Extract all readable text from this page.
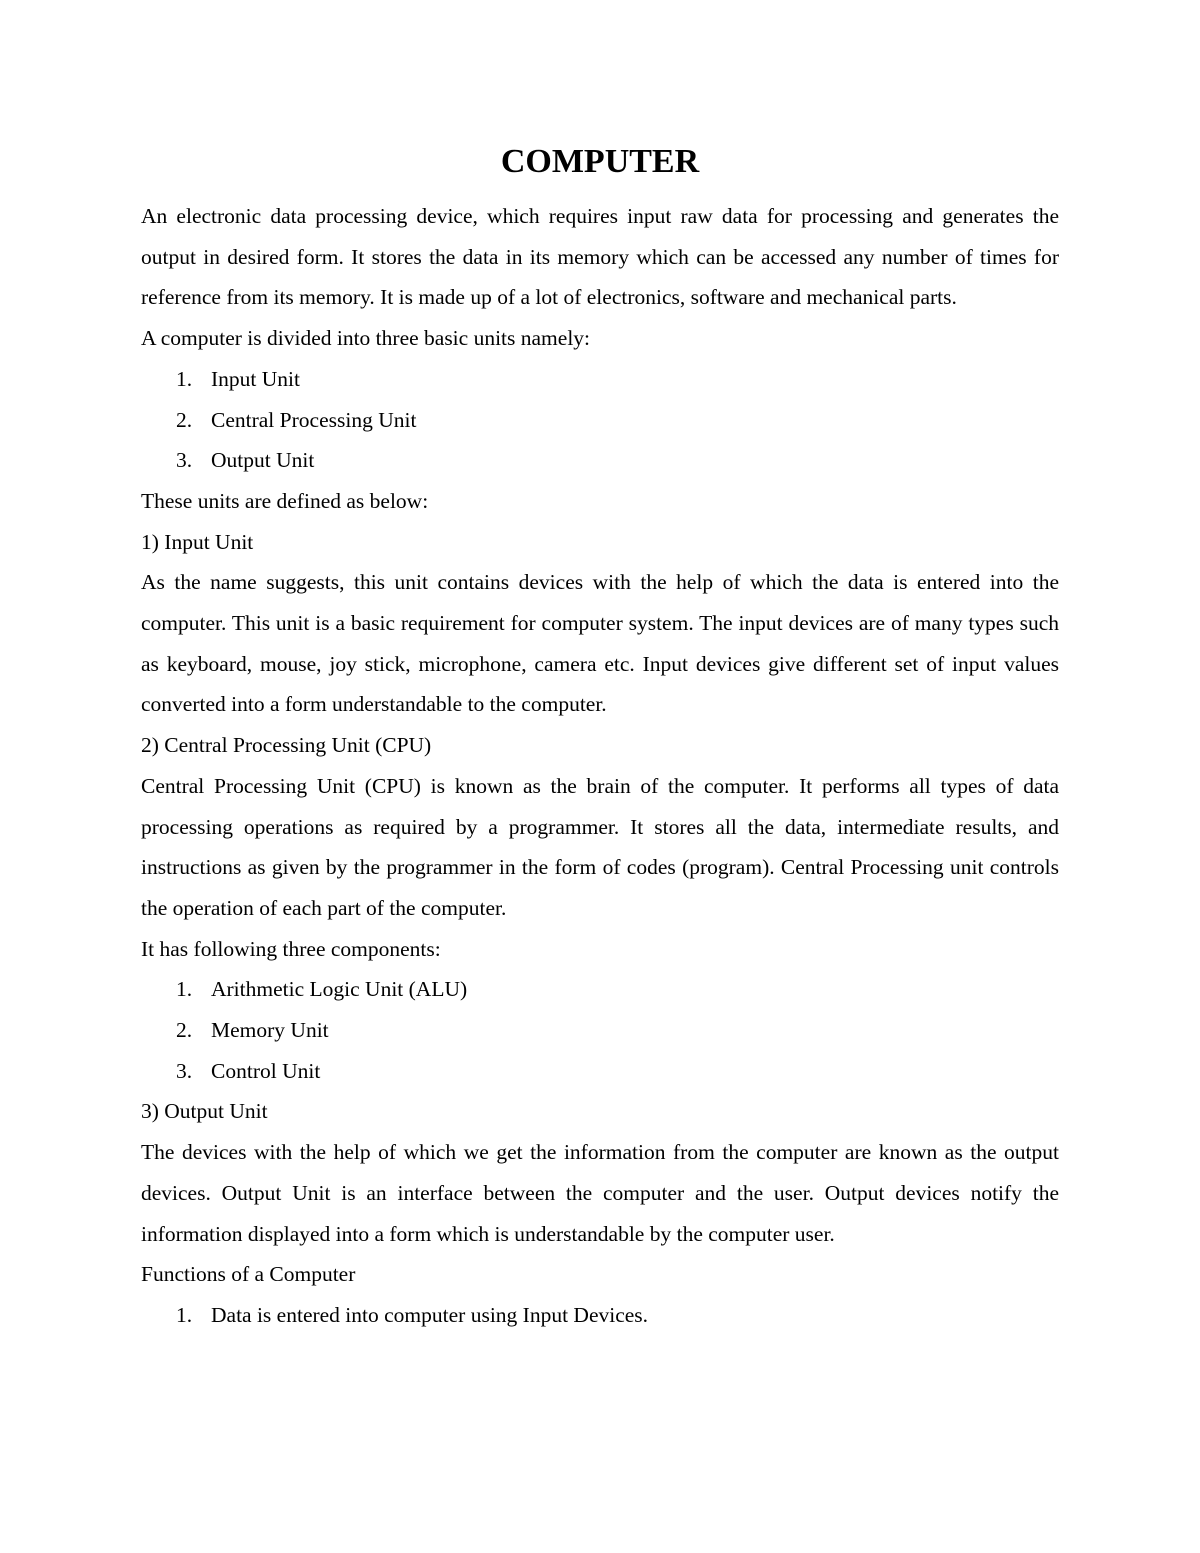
COMPUTER

An electronic data processing device, which requires input raw data for processing and generates the output in desired form. It stores the data in its memory which can be accessed any number of times for reference from its memory. It is made up of a lot of electronics, software and mechanical parts.

A computer is divided into three basic units namely:

1. Input Unit
2. Central Processing Unit
3. Output Unit

These units are defined as below:

1) Input Unit

As the name suggests, this unit contains devices with the help of which the data is entered into the computer. This unit is a basic requirement for computer system. The input devices are of many types such as keyboard, mouse, joy stick, microphone, camera etc. Input devices give different set of input values converted into a form understandable to the computer.

2) Central Processing Unit (CPU)

Central Processing Unit (CPU) is known as the brain of the computer. It performs all types of data processing operations as required by a programmer. It stores all the data, intermediate results, and instructions as given by the programmer in the form of codes (program). Central Processing unit controls the operation of each part of the computer.

It has following three components:

1. Arithmetic Logic Unit (ALU)
2. Memory Unit
3. Control Unit

3) Output Unit

The devices with the help of which we get the information from the computer are known as the output devices. Output Unit is an interface between the computer and the user. Output devices notify the information displayed into a form which is understandable by the computer user.

Functions of a Computer

1. Data is entered into computer using Input Devices.
